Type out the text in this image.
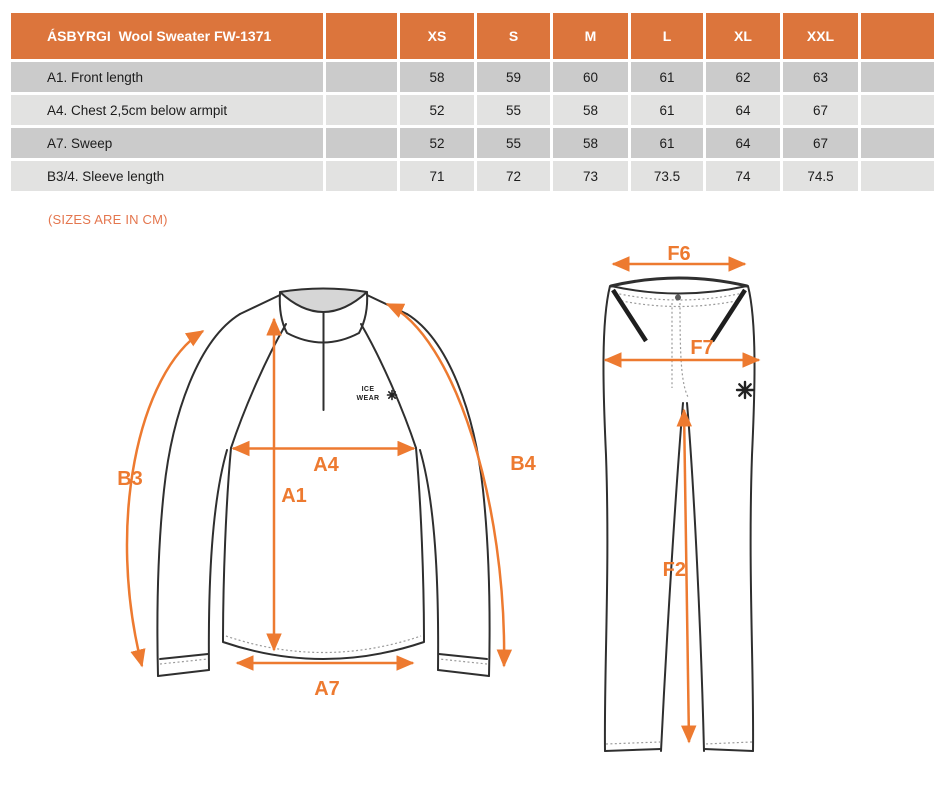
ÁSBYRGI  Wool Sweater FW-1371		XS	S	M	L	XL	XXL	
A1. Front length		58	59	60	61	62	63	
A4. Chest 2,5cm below armpit		52	55	58	61	64	67	
A7. Sweep		52	55	58	61	64	67	
B3/4. Sleeve length		71	72	73	73.5	74	74.5	
(SIZES ARE IN CM)
ICE
WEAR
A4
A1
A7
B3
B4
F6
F7
F2
